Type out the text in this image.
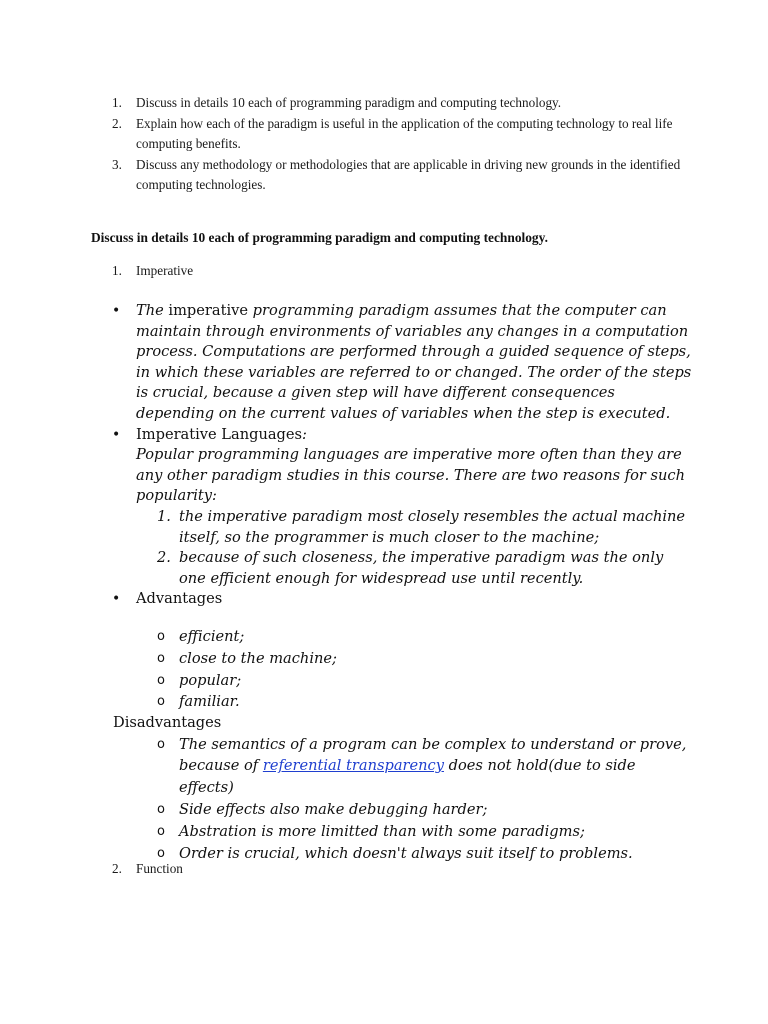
1.	Discuss in details 10 each of programming paradigm and computing technology.
2.	Explain how each of the paradigm is useful in the application of the computing technology to real life computing benefits.
3.	Discuss any methodology or methodologies that are applicable in driving new grounds in the identified computing technologies.
Discuss in details 10 each of programming paradigm and computing technology.
1.	Imperative
•	The imperative programming paradigm assumes that the computer can maintain through environments of variables any changes in a computation process. Computations are performed through a guided sequence of steps, in which these variables are referred to or changed. The order of the steps is crucial, because a given step will have different consequences depending on the current values of variables when the step is executed.
•	Imperative Languages:
Popular programming languages are imperative more often than they are any other paradigm studies in this course. There are two reasons for such popularity:
1. the imperative paradigm most closely resembles the actual machine itself, so the programmer is much closer to the machine;
2. because of such closeness, the imperative paradigm was the only one efficient enough for widespread use until recently.
•	Advantages
o efficient;
o close to the machine;
o popular;
o familiar.
Disadvantages
o The semantics of a program can be complex to understand or prove, because of referential transparency does not hold(due to side effects)
o Side effects also make debugging harder;
o Abstration is more limitted than with some paradigms;
o Order is crucial, which doesn't always suit itself to problems.
2.	Function
